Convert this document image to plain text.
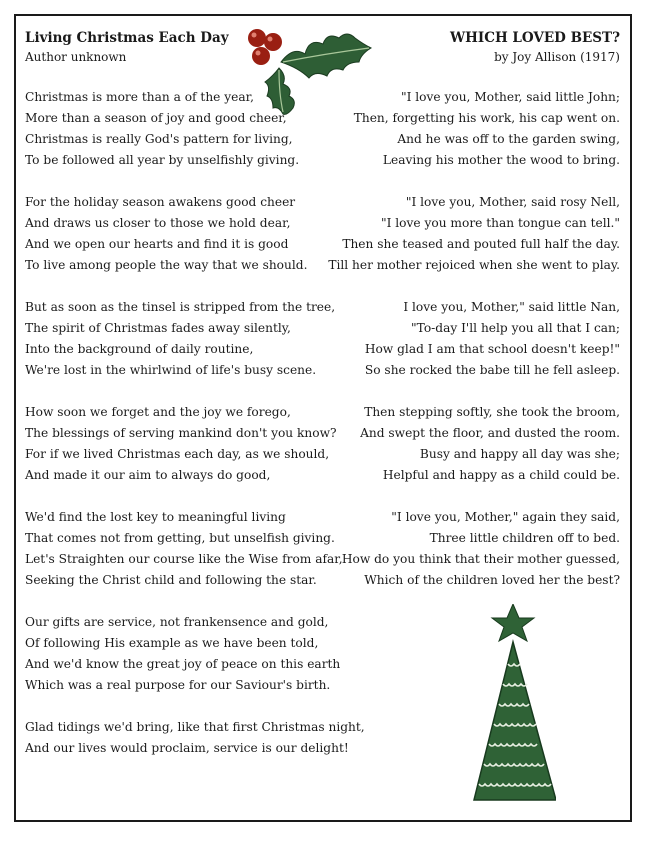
Living Christmas Each Day

Author unknown

Christmas is more than a of the year,
More than a season of joy and good cheer,
Christmas is really God's pattern for living,
To be followed all year by unselfishly giving.
For the holiday season awakens good cheer
And draws us closer to those we hold dear,
And we open our hearts and find it is good
To live among people the way that we should.
But as soon as the tinsel is stripped from the tree,
The spirit of Christmas fades away silently,
Into the background of daily routine,
We're lost in the whirlwind of life's busy scene.
How soon we forget and the joy we forego,
The blessings of serving mankind don't you know?
For if we lived Christmas each day, as we should,
And made it our aim to always do good,
We'd find the lost key to meaningful living
That comes not from getting, but unselfish giving.
Let's Straighten our course like the Wise from afar,
Seeking the Christ child and following the star.
Our gifts are service, not frankensence and gold,
Of following His example as we have been told,
And we'd know the great joy of peace on this earth
Which was a real purpose for our Saviour's birth.
Glad tidings we'd bring, like that first Christmas night,
And our lives would proclaim, service is our delight!

WHICH LOVED BEST?

by Joy Allison (1917)

"I love you, Mother, said little John;
Then, forgetting his work, his cap went on.
And he was off to the garden swing,
Leaving his mother the wood to bring.
"I love you, Mother, said rosy Nell,
"I love you more than tongue can tell."
Then she teased and pouted full half the day.
Till her mother rejoiced when she went to play.
I love you, Mother," said little Nan,
"To-day I'll help you all that I can;
How glad I am that school doesn't keep!"
So she rocked the babe till he fell asleep.
Then stepping softly, she took the broom,
And swept the floor, and dusted the room.
Busy and happy all day was she;
Helpful and happy as a child could be.
"I love you, Mother," again they said,
Three little children off to bed.
How do you think that their mother guessed,
Which of the children loved her the best?
